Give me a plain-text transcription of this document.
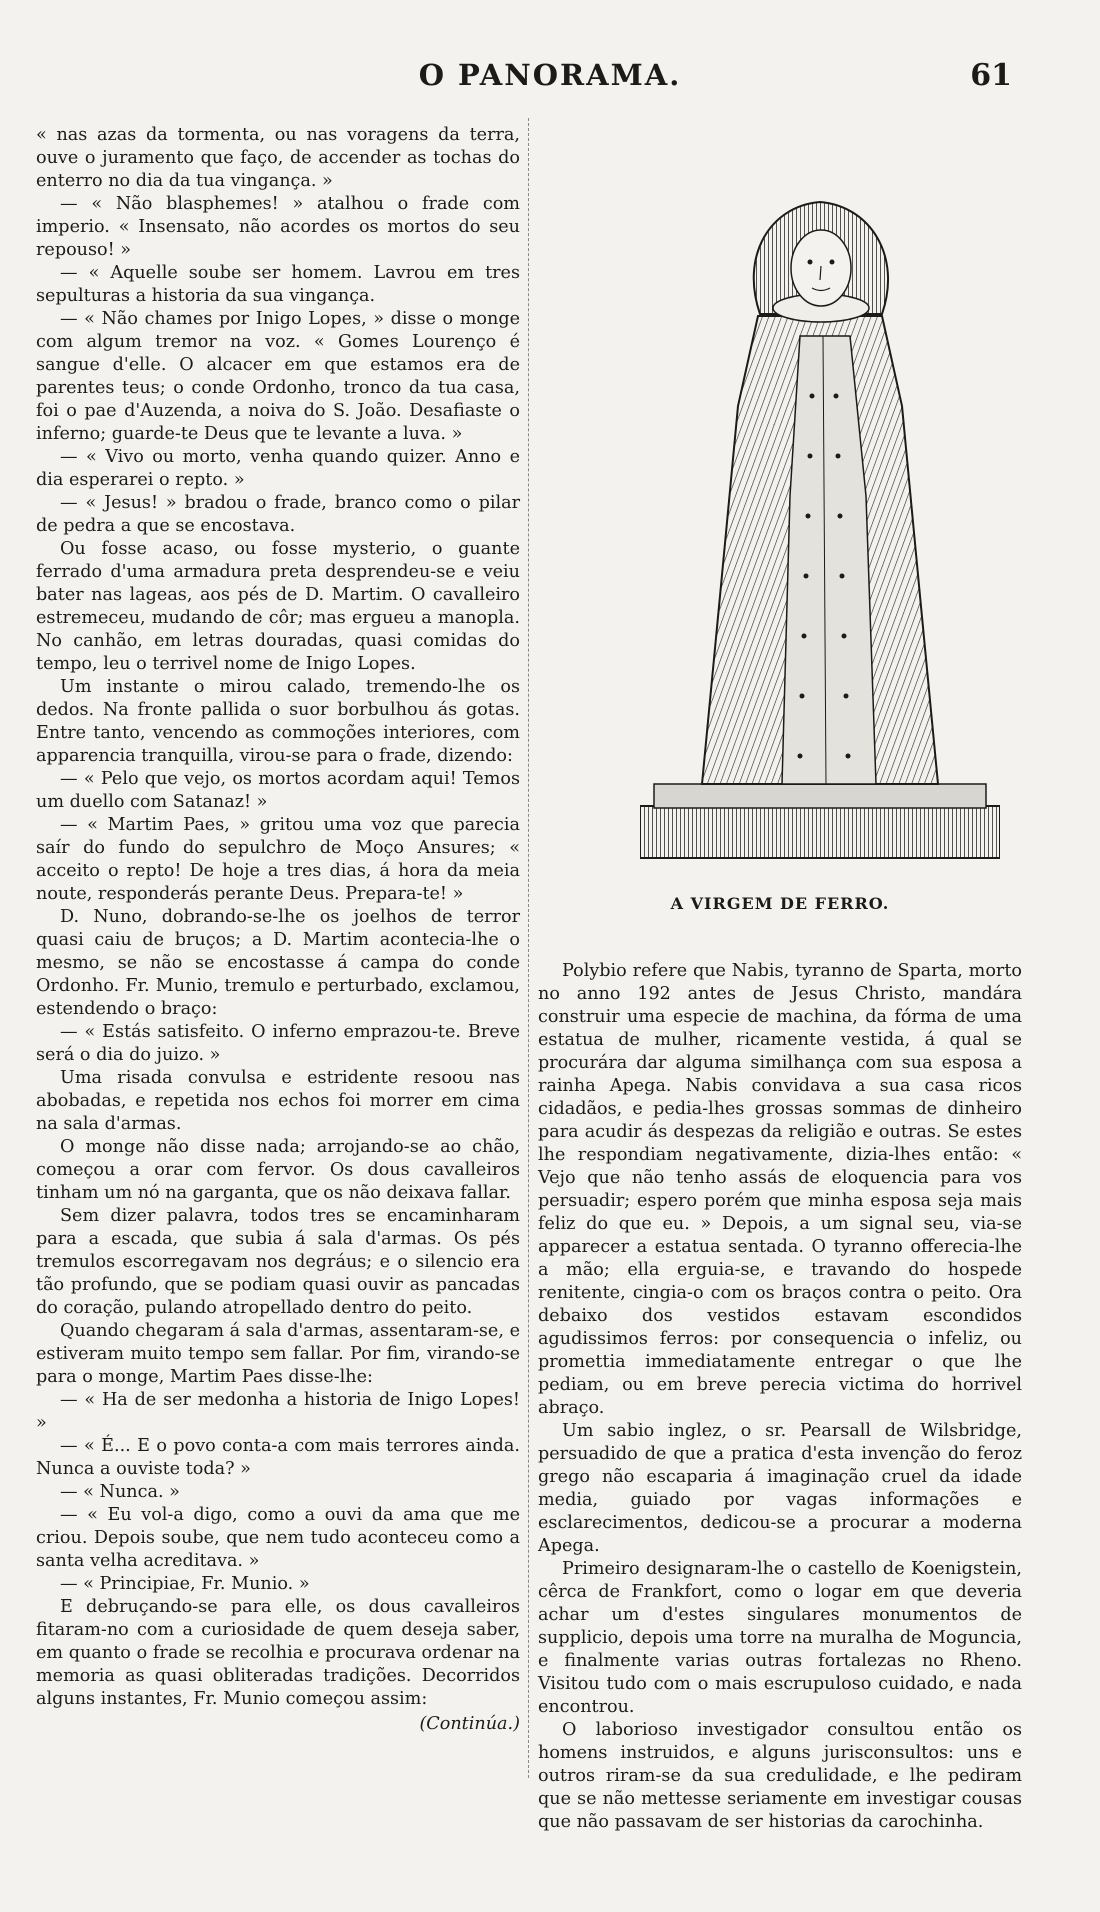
O PANORAMA.	61

« nas azas da tormenta, ou nas voragens da terra, ouve o juramento que faço, de accender as tochas do enterro no dia da tua vingança. »

— « Não blasphemes! » atalhou o frade com imperio. « Insensato, não acordes os mortos do seu repouso! »

— « Aquelle soube ser homem. Lavrou em tres sepulturas a historia da sua vingança.

— « Não chames por Inigo Lopes, » disse o monge com algum tremor na voz. « Gomes Lourenço é sangue d'elle. O alcacer em que estamos era de parentes teus; o conde Ordonho, tronco da tua casa, foi o pae d'Auzenda, a noiva do S. João. Desafiaste o inferno; guarde-te Deus que te levante a luva. »

— « Vivo ou morto, venha quando quizer. Anno e dia esperarei o repto. »

— « Jesus! » bradou o frade, branco como o pilar de pedra a que se encostava.

Ou fosse acaso, ou fosse mysterio, o guante ferrado d'uma armadura preta desprendeu-se e veiu bater nas lageas, aos pés de D. Martim. O cavalleiro estremeceu, mudando de côr; mas ergueu a manopla. No canhão, em letras douradas, quasi comidas do tempo, leu o terrivel nome de Inigo Lopes.

Um instante o mirou calado, tremendo-lhe os dedos. Na fronte pallida o suor borbulhou ás gotas. Entre tanto, vencendo as commoções interiores, com apparencia tranquilla, virou-se para o frade, dizendo:

— « Pelo que vejo, os mortos acordam aqui! Temos um duello com Satanaz! »

— « Martim Paes, » gritou uma voz que parecia saír do fundo do sepulchro de Moço Ansures; « acceito o repto! De hoje a tres dias, á hora da meia noute, responderás perante Deus. Prepara-te! »

D. Nuno, dobrando-se-lhe os joelhos de terror quasi caiu de bruços; a D. Martim acontecia-lhe o mesmo, se não se encostasse á campa do conde Ordonho. Fr. Munio, tremulo e perturbado, exclamou, estendendo o braço:

— « Estás satisfeito. O inferno emprazou-te. Breve será o dia do juizo. »

Uma risada convulsa e estridente resoou nas abobadas, e repetida nos echos foi morrer em cima na sala d'armas.

O monge não disse nada; arrojando-se ao chão, começou a orar com fervor. Os dous cavalleiros tinham um nó na garganta, que os não deixava fallar.

Sem dizer palavra, todos tres se encaminharam para a escada, que subia á sala d'armas. Os pés tremulos escorregavam nos degráus; e o silencio era tão profundo, que se podiam quasi ouvir as pancadas do coração, pulando atropellado dentro do peito.

Quando chegaram á sala d'armas, assentaram-se, e estiveram muito tempo sem fallar. Por fim, virando-se para o monge, Martim Paes disse-lhe:

— « Ha de ser medonha a historia de Inigo Lopes! »

— « É... E o povo conta-a com mais terrores ainda. Nunca a ouviste toda? »

— « Nunca. »

— « Eu vol-a digo, como a ouvi da ama que me criou. Depois soube, que nem tudo aconteceu como a santa velha acreditava. »

— « Principiae, Fr. Munio. »

E debruçando-se para elle, os dous cavalleiros fitaram-no com a curiosidade de quem deseja saber, em quanto o frade se recolhia e procurava ordenar na memoria as quasi obliteradas tradições. Decorridos alguns instantes, Fr. Munio começou assim:

(Continúa.)

A VIRGEM DE FERRO.

Polybio refere que Nabis, tyranno de Sparta, morto no anno 192 antes de Jesus Christo, mandára construir uma especie de machina, da fórma de uma estatua de mulher, ricamente vestida, á qual se procurára dar alguma similhança com sua esposa a rainha Apega. Nabis convidava a sua casa ricos cidadãos, e pedia-lhes grossas sommas de dinheiro para acudir ás despezas da religião e outras. Se estes lhe respondiam negativamente, dizia-lhes então: « Vejo que não tenho assás de eloquencia para vos persuadir; espero porém que minha esposa seja mais feliz do que eu. » Depois, a um signal seu, via-se apparecer a estatua sentada. O tyranno offerecia-lhe a mão; ella erguia-se, e travando do hospede renitente, cingia-o com os braços contra o peito. Ora debaixo dos vestidos estavam escondidos agudissimos ferros: por consequencia o infeliz, ou promettia immediatamente entregar o que lhe pediam, ou em breve perecia victima do horrivel abraço.

Um sabio inglez, o sr. Pearsall de Wilsbridge, persuadido de que a pratica d'esta invenção do feroz grego não escaparia á imaginação cruel da idade media, guiado por vagas informações e esclarecimentos, dedicou-se a procurar a moderna Apega.

Primeiro designaram-lhe o castello de Koenigstein, cêrca de Frankfort, como o logar em que deveria achar um d'estes singulares monumentos de supplicio, depois uma torre na muralha de Moguncia, e finalmente varias outras fortalezas no Rheno. Visitou tudo com o mais escrupuloso cuidado, e nada encontrou.

O laborioso investigador consultou então os homens instruidos, e alguns jurisconsultos: uns e outros riram-se da sua credulidade, e lhe pediram que se não mettesse seriamente em investigar cousas que não passavam de ser historias da carochinha.
